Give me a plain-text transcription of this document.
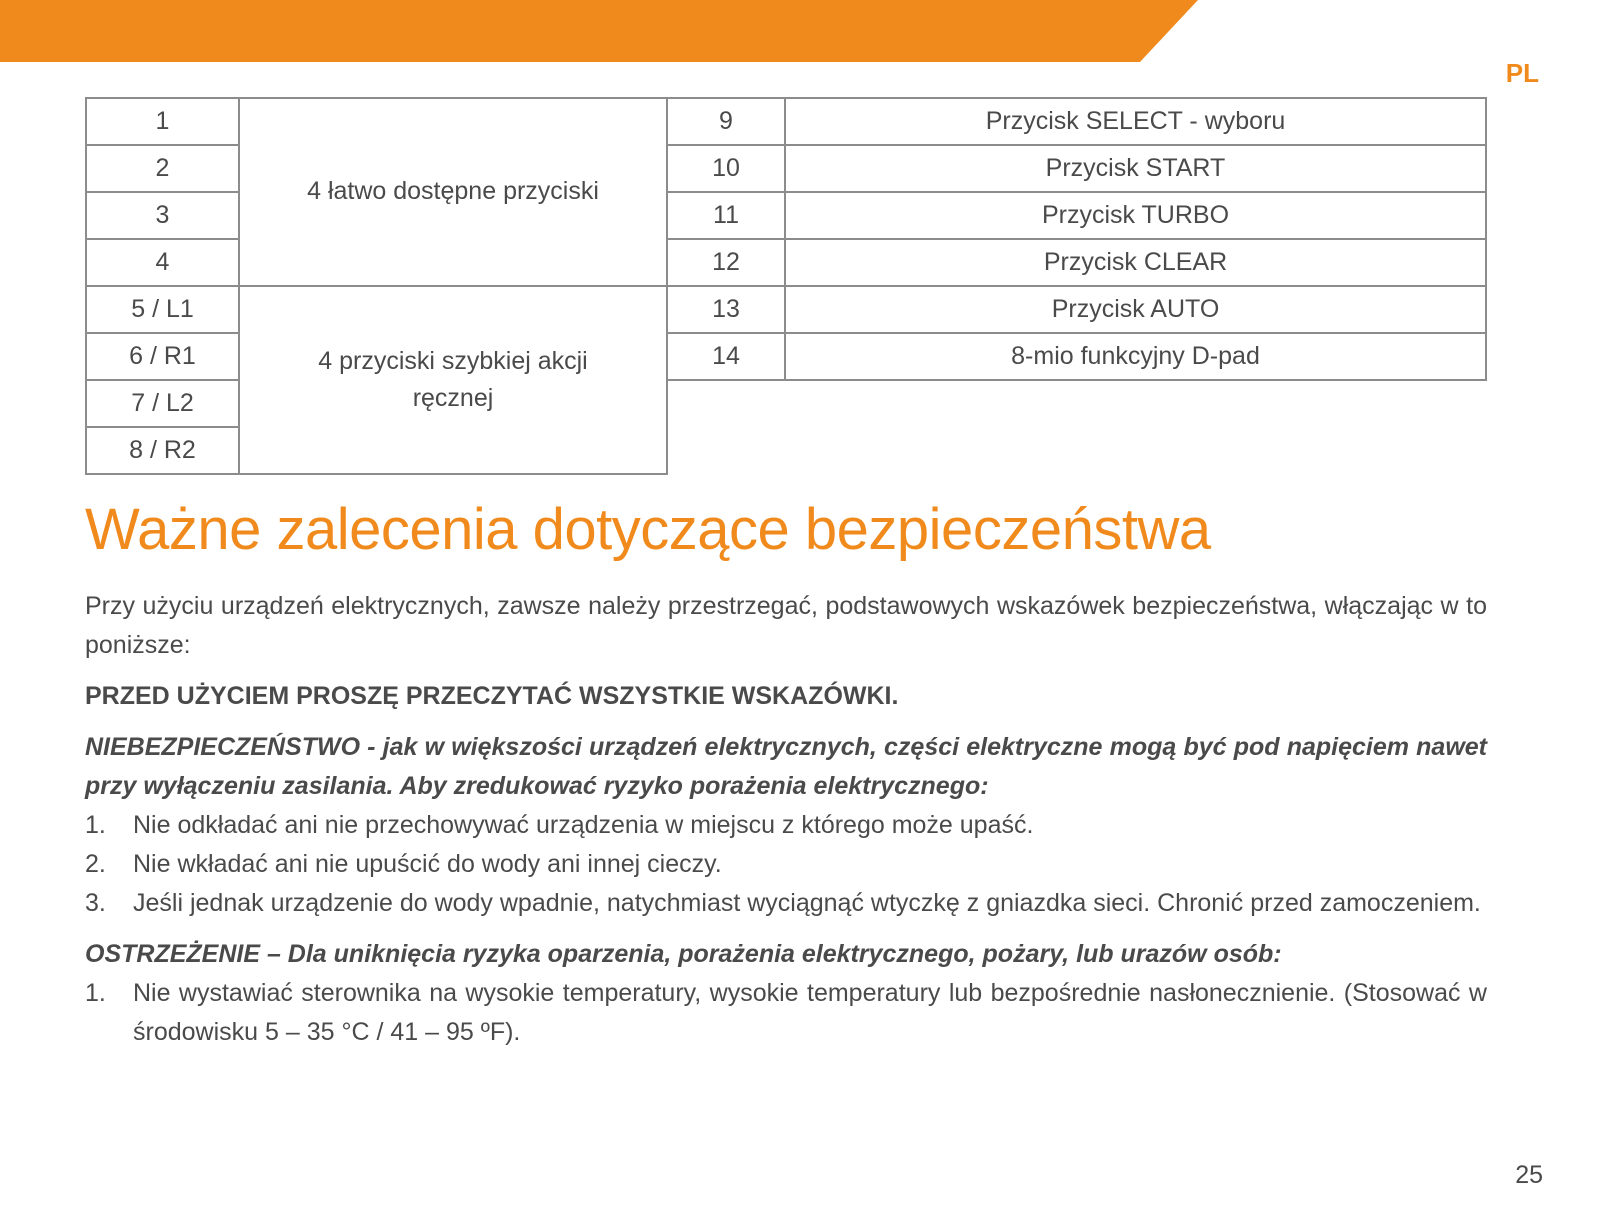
PL
1	4 łatwo dostępne przyciski
2	
3	
4	
5 / L1	4 przyciski szybkiej akcji ręcznej
6 / R1	
7 / L2	
8 / R2	
9	Przycisk SELECT - wyboru
10	Przycisk START
11	Przycisk TURBO
12	Przycisk CLEAR
13	Przycisk AUTO
14	8-mio funkcyjny D-pad
Ważne zalecenia dotyczące bezpieczeństwa

Przy użyciu urządzeń elektrycznych, zawsze należy przestrzegać, podstawowych wskazówek bezpieczeństwa, włączając w to poniższe:

PRZED UŻYCIEM PROSZĘ PRZECZYTAĆ WSZYSTKIE WSKAZÓWKI.

NIEBEZPIECZEŃSTWO - jak w większości urządzeń elektrycznych, części elektryczne mogą być pod napięciem nawet przy wyłączeniu zasilania. Aby zredukować ryzyko porażenia elektrycznego:

1. Nie odkładać ani nie przechowywać urządzenia w miejscu z którego może upaść.
2. Nie wkładać ani nie upuścić do wody ani innej cieczy.
3. Jeśli jednak urządzenie do wody wpadnie, natychmiast wyciągnąć wtyczkę z gniazdka sieci. Chronić przed zamoczeniem.

OSTRZEŻENIE – Dla uniknięcia ryzyka oparzenia, porażenia elektrycznego, pożary, lub urazów osób:

1. Nie wystawiać sterownika na wysokie temperatury, wysokie temperatury lub bezpośrednie nasłonecznienie. (Stosować w środowisku 5 – 35 °C / 41 – 95 ºF).
25
